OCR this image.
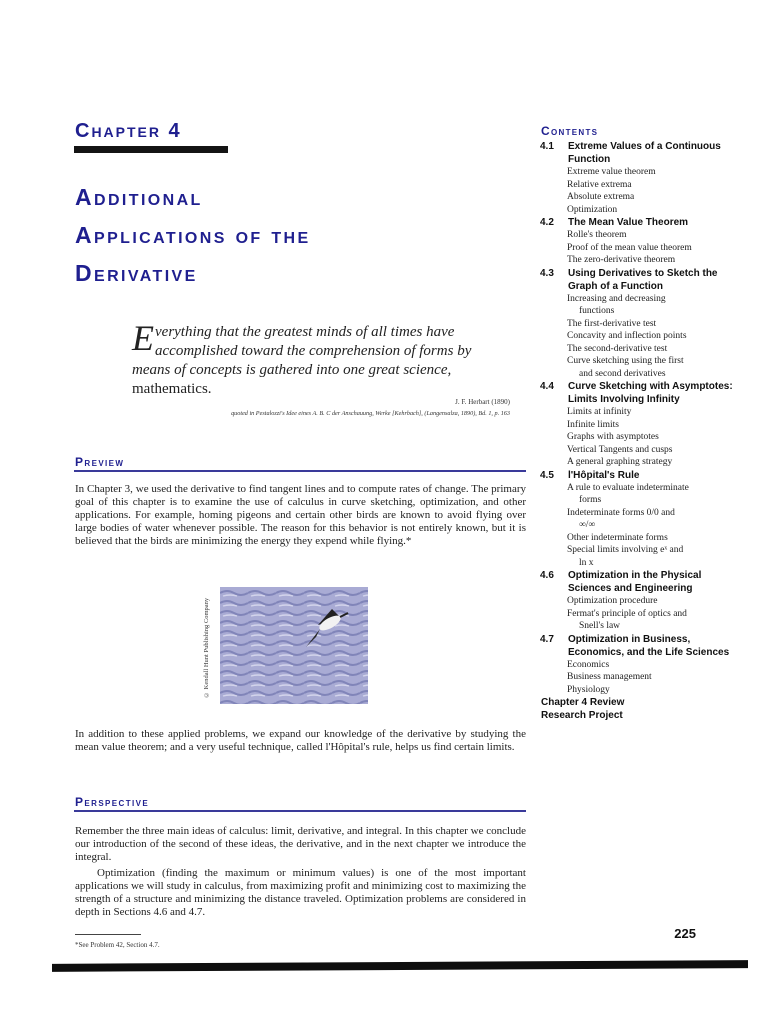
Chapter 4
Additional
Applications of the
Derivative

Everything that the greatest minds of all times have accomplished toward the comprehension of forms by means of concepts is gathered into one great science, mathematics.

J. F. Herbart (1890)
quoted in Pestalozzi's Idee eines A. B. C der Anschauung, Werke [Kehrbach], (Langensalza, 1890), Bd. 1, p. 163
Preview

In Chapter 3, we used the derivative to find tangent lines and to compute rates of change. The primary goal of this chapter is to examine the use of calculus in curve sketching, optimization, and other applications. For example, homing pigeons and certain other birds are known to avoid flying over large bodies of water whenever possible. The reason for this behavior is not entirely known, but it is believed that the birds are minimizing the energy they expend while flying.*

© Kendall Hunt Publishing Company

In addition to these applied problems, we expand our knowledge of the derivative by studying the mean value theorem; and a very useful technique, called l'Hôpital's rule, helps us find certain limits.

Perspective

Remember the three main ideas of calculus: limit, derivative, and integral. In this chapter we conclude our introduction of the second of these ideas, the derivative, and in the next chapter we introduce the integral.

Optimization (finding the maximum or minimum values) is one of the most important applications we will study in calculus, from maximizing profit and minimizing cost to maximizing the strength of a structure and minimizing the distance traveled. Optimization problems are considered in depth in Sections 4.6 and 4.7.

Contents
4.1 Extreme Values of a Continuous Function
Extreme value theorem
Relative extrema
Absolute extrema
Optimization
4.2 The Mean Value Theorem
Rolle's theorem
Proof of the mean value theorem
The zero-derivative theorem
4.3 Using Derivatives to Sketch the Graph of a Function
Increasing and decreasing
functions
The first-derivative test
Concavity and inflection points
The second-derivative test
Curve sketching using the first
and second derivatives
4.4 Curve Sketching with Asymptotes: Limits Involving Infinity
Limits at infinity
Infinite limits
Graphs with asymptotes
Vertical Tangents and cusps
A general graphing strategy
4.5 l'Hôpital's Rule
A rule to evaluate indeterminate
forms
Indeterminate forms 0/0 and
∞/∞
Other indeterminate forms
Special limits involving eˣ and
ln x
4.6 Optimization in the Physical Sciences and Engineering
Optimization procedure
Fermat's principle of optics and
Snell's law
4.7 Optimization in Business, Economics, and the Life Sciences
Economics
Business management
Physiology
Chapter 4 Review
Research Project
*See Problem 42, Section 4.7.
225
